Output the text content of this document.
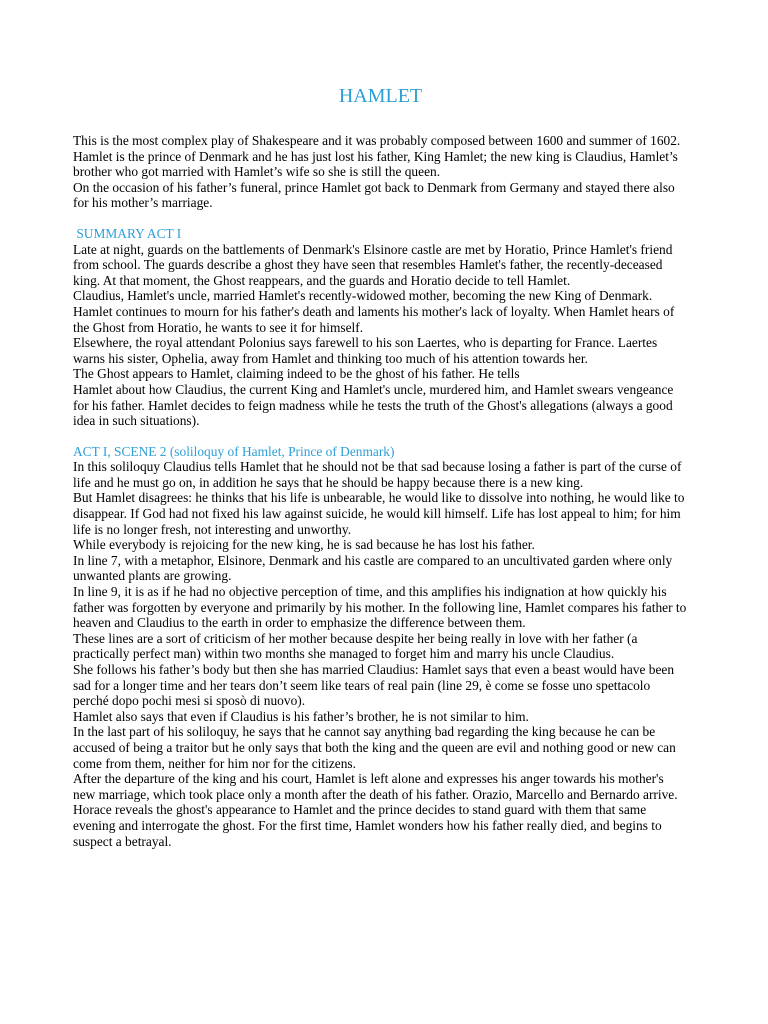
HAMLET

This is the most complex play of Shakespeare and it was probably composed between 1600 and summer of 1602.

Hamlet is the prince of Denmark and he has just lost his father, King Hamlet; the new king is Claudius, Hamlet’s brother who got married with Hamlet’s wife so she is still the queen.

On the occasion of his father’s funeral, prince Hamlet got back to Denmark from Germany and stayed there also for his mother’s marriage.

SUMMARY ACT I

Late at night, guards on the battlements of Denmark's Elsinore castle are met by Horatio, Prince Hamlet's friend from school. The guards describe a ghost they have seen that resembles Hamlet's father, the recently-deceased king. At that moment, the Ghost reappears, and the guards and Horatio decide to tell Hamlet.

Claudius, Hamlet's uncle, married Hamlet's recently-widowed mother, becoming the new King of Denmark. Hamlet continues to mourn for his father's death and laments his mother's lack of loyalty. When Hamlet hears of the Ghost from Horatio, he wants to see it for himself.

Elsewhere, the royal attendant Polonius says farewell to his son Laertes, who is departing for France. Laertes warns his sister, Ophelia, away from Hamlet and thinking too much of his attention towards her.

The Ghost appears to Hamlet, claiming indeed to be the ghost of his father. He tells

Hamlet about how Claudius, the current King and Hamlet's uncle, murdered him, and Hamlet swears vengeance for his father. Hamlet decides to feign madness while he tests the truth of the Ghost's allegations (always a good idea in such situations).

ACT I, SCENE 2 (soliloquy of Hamlet, Prince of Denmark)

In this soliloquy Claudius tells Hamlet that he should not be that sad because losing a father is part of the curse of life and he must go on, in addition he says that he should be happy because there is a new king.

But Hamlet disagrees: he thinks that his life is unbearable, he would like to dissolve into nothing, he would like to disappear. If God had not fixed his law against suicide, he would kill himself. Life has lost appeal to him; for him life is no longer fresh, not interesting and unworthy.

While everybody is rejoicing for the new king, he is sad because he has lost his father.

In line 7, with a metaphor, Elsinore, Denmark and his castle are compared to an uncultivated garden where only unwanted plants are growing.

In line 9, it is as if he had no objective perception of time, and this amplifies his indignation at how quickly his father was forgotten by everyone and primarily by his mother. In the following line, Hamlet compares his father to heaven and Claudius to the earth in order to emphasize the difference between them.

These lines are a sort of criticism of her mother because despite her being really in love with her father (a practically perfect man) within two months she managed to forget him and marry his uncle Claudius.

She follows his father’s body but then she has married Claudius: Hamlet says that even a beast would have been sad for a longer time and her tears don’t seem like tears of real pain (line 29, è come se fosse uno spettacolo perché dopo pochi mesi si sposò di nuovo).

Hamlet also says that even if Claudius is his father’s brother, he is not similar to him.

In the last part of his soliloquy, he says that he cannot say anything bad regarding the king because he can be accused of being a traitor but he only says that both the king and the queen are evil and nothing good or new can come from them, neither for him nor for the citizens.

After the departure of the king and his court, Hamlet is left alone and expresses his anger towards his mother's new marriage, which took place only a month after the death of his father. Orazio, Marcello and Bernardo arrive. Horace reveals the ghost's appearance to Hamlet and the prince decides to stand guard with them that same evening and interrogate the ghost. For the first time, Hamlet wonders how his father really died, and begins to suspect a betrayal.
